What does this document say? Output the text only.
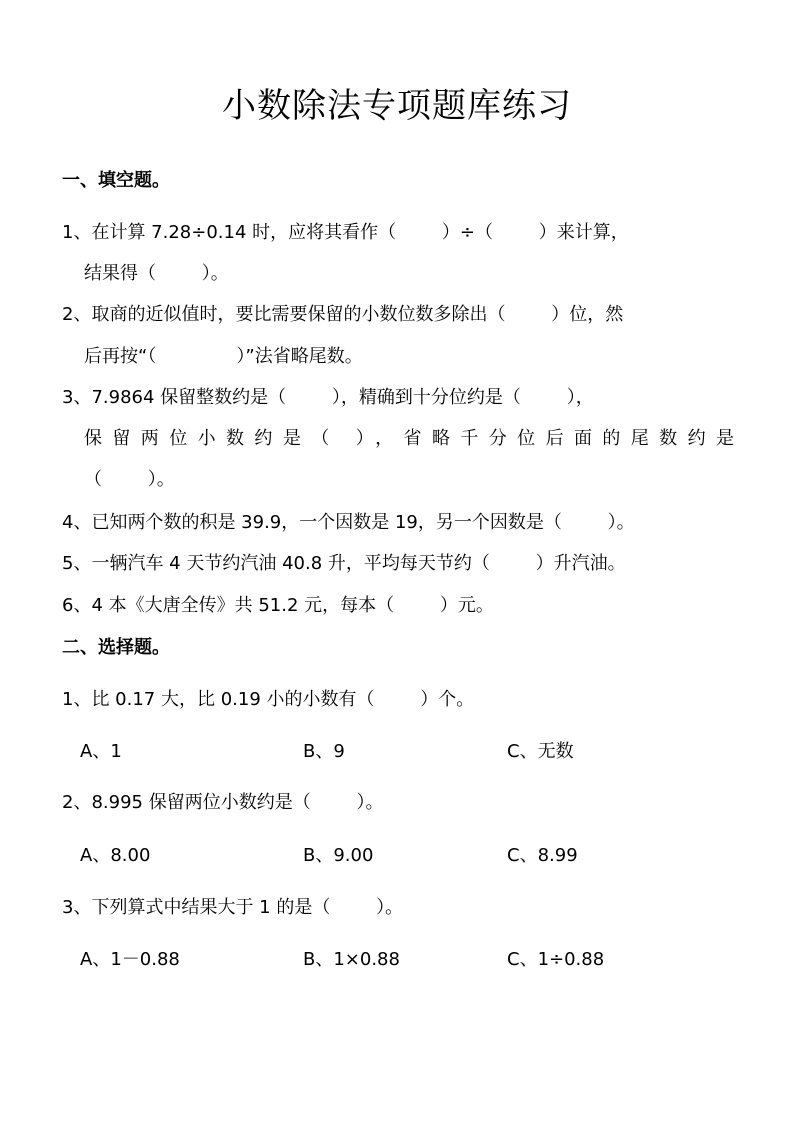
小数除法专项题库练习
一、填空题。
1、在计算 7.28÷0.14 时，应将其看作（        ）÷（        ）来计算，
结果得（        ）。
2、取商的近似值时，要比需要保留的小数位数多除出（        ）位，然
后再按“（              ）”法省略尾数。
3、7.9864 保留整数约是（        ），精确到十分位约是（        ），
保留两位小数约是（ ），省略千分位后面的尾数约是
（        ）。
4、已知两个数的积是 39.9，一个因数是 19，另一个因数是（        ）。
5、一辆汽车 4 天节约汽油 40.8 升，平均每天节约（        ）升汽油。
6、4 本《大唐全传》共 51.2 元，每本（        ）元。
二、选择题。
1、比 0.17 大，比 0.19 小的小数有（        ）个。
A、1	B、9	C、无数
2、8.995 保留两位小数约是（        ）。
A、8.00	B、9.00	C、8.99
3、下列算式中结果大于 1 的是（        ）。
A、1－0.88	B、1×0.88	C、1÷0.88
